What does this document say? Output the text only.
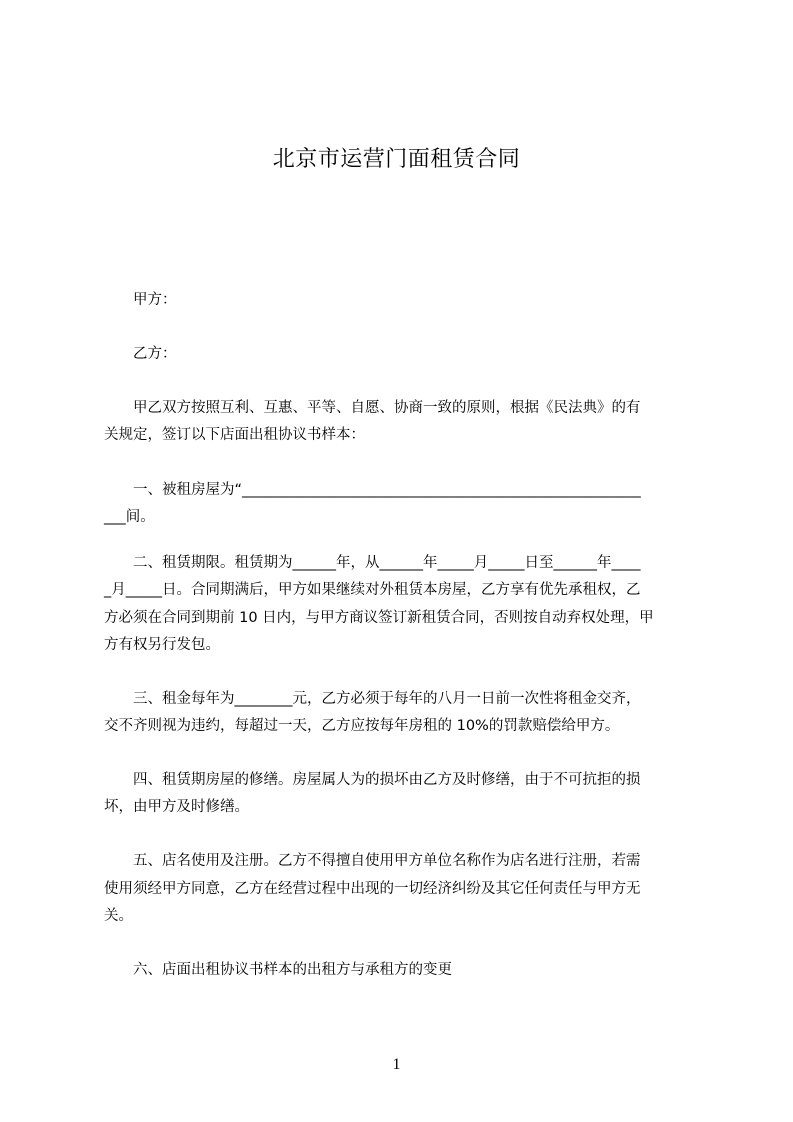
北京市运营门面租赁合同
　　甲方：
　　乙方：
　　甲乙双方按照互利、互惠、平等、自愿、协商一致的原则，根据《民法典》的有
关规定，签订以下店面出租协议书样本：
　　一、被租房屋为“_______________________________________________________
___间。
　　二、租赁期限。租赁期为______年，从______年_____月_____日至______年____
_月_____日。合同期满后，甲方如果继续对外租赁本房屋，乙方享有优先承租权，乙
方必须在合同到期前 10 日内，与甲方商议签订新租赁合同，否则按自动弃权处理，甲
方有权另行发包。
　　三、租金每年为________元，乙方必须于每年的八月一日前一次性将租金交齐，
交不齐则视为违约，每超过一天，乙方应按每年房租的 10%的罚款赔偿给甲方。
　　四、租赁期房屋的修缮。房屋属人为的损坏由乙方及时修缮，由于不可抗拒的损
坏，由甲方及时修缮。
　　五、店名使用及注册。乙方不得擅自使用甲方单位名称作为店名进行注册，若需
使用须经甲方同意，乙方在经营过程中出现的一切经济纠纷及其它任何责任与甲方无
关。
　　六、店面出租协议书样本的出租方与承租方的变更
1
